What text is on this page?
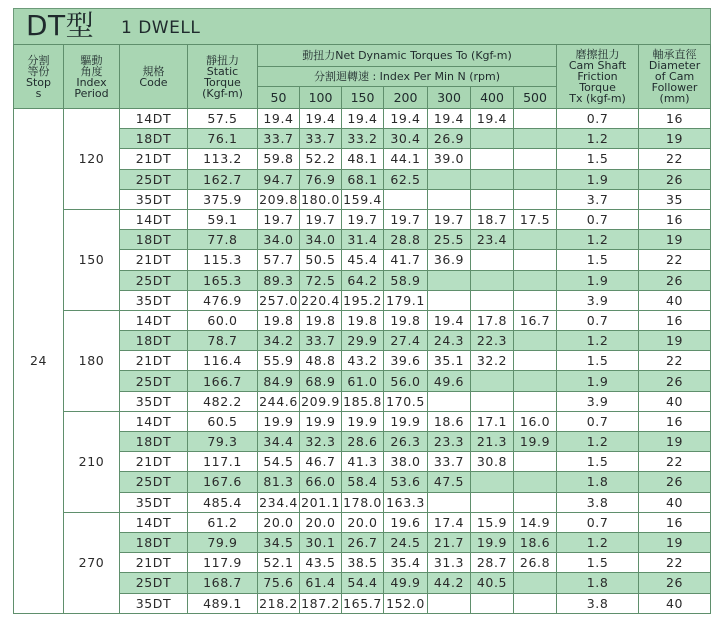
DT型 1 DWELL
分割
等份
Stop
s	驅動
角度
Index
Period	規格
Code	靜扭力
Static
Torque
(Kgf-m)	動扭力Net Dynamic Torques To (Kgf-m)							磨擦扭力
Cam Shaft
Friction
Torque
Tx (kgf-m)	軸承直徑
Diameter
of Cam
Follower
(mm)
				分割迴轉速 : Index Per Min N (rpm)								
				50	100	150	200	300	400	500		
24	120	14DT	57.5	19.4	19.4	19.4	19.4	19.4	19.4		0.7	16
		18DT	76.1	33.7	33.7	33.2	30.4	26.9			1.2	19
		21DT	113.2	59.8	52.2	48.1	44.1	39.0			1.5	22
		25DT	162.7	94.7	76.9	68.1	62.5				1.9	26
		35DT	375.9	209.8	180.0	159.4					3.7	35
	150	14DT	59.1	19.7	19.7	19.7	19.7	19.7	18.7	17.5	0.7	16
		18DT	77.8	34.0	34.0	31.4	28.8	25.5	23.4		1.2	19
		21DT	115.3	57.7	50.5	45.4	41.7	36.9			1.5	22
		25DT	165.3	89.3	72.5	64.2	58.9				1.9	26
		35DT	476.9	257.0	220.4	195.2	179.1				3.9	40
	180	14DT	60.0	19.8	19.8	19.8	19.8	19.4	17.8	16.7	0.7	16
		18DT	78.7	34.2	33.7	29.9	27.4	24.3	22.3		1.2	19
		21DT	116.4	55.9	48.8	43.2	39.6	35.1	32.2		1.5	22
		25DT	166.7	84.9	68.9	61.0	56.0	49.6			1.9	26
		35DT	482.2	244.6	209.9	185.8	170.5				3.9	40
	210	14DT	60.5	19.9	19.9	19.9	19.9	18.6	17.1	16.0	0.7	16
		18DT	79.3	34.4	32.3	28.6	26.3	23.3	21.3	19.9	1.2	19
		21DT	117.1	54.5	46.7	41.3	38.0	33.7	30.8		1.5	22
		25DT	167.6	81.3	66.0	58.4	53.6	47.5			1.8	26
		35DT	485.4	234.4	201.1	178.0	163.3				3.8	40
	270	14DT	61.2	20.0	20.0	20.0	19.6	17.4	15.9	14.9	0.7	16
		18DT	79.9	34.5	30.1	26.7	24.5	21.7	19.9	18.6	1.2	19
		21DT	117.9	52.1	43.5	38.5	35.4	31.3	28.7	26.8	1.5	22
		25DT	168.7	75.6	61.4	54.4	49.9	44.2	40.5		1.8	26
		35DT	489.1	218.2	187.2	165.7	152.0				3.8	40
